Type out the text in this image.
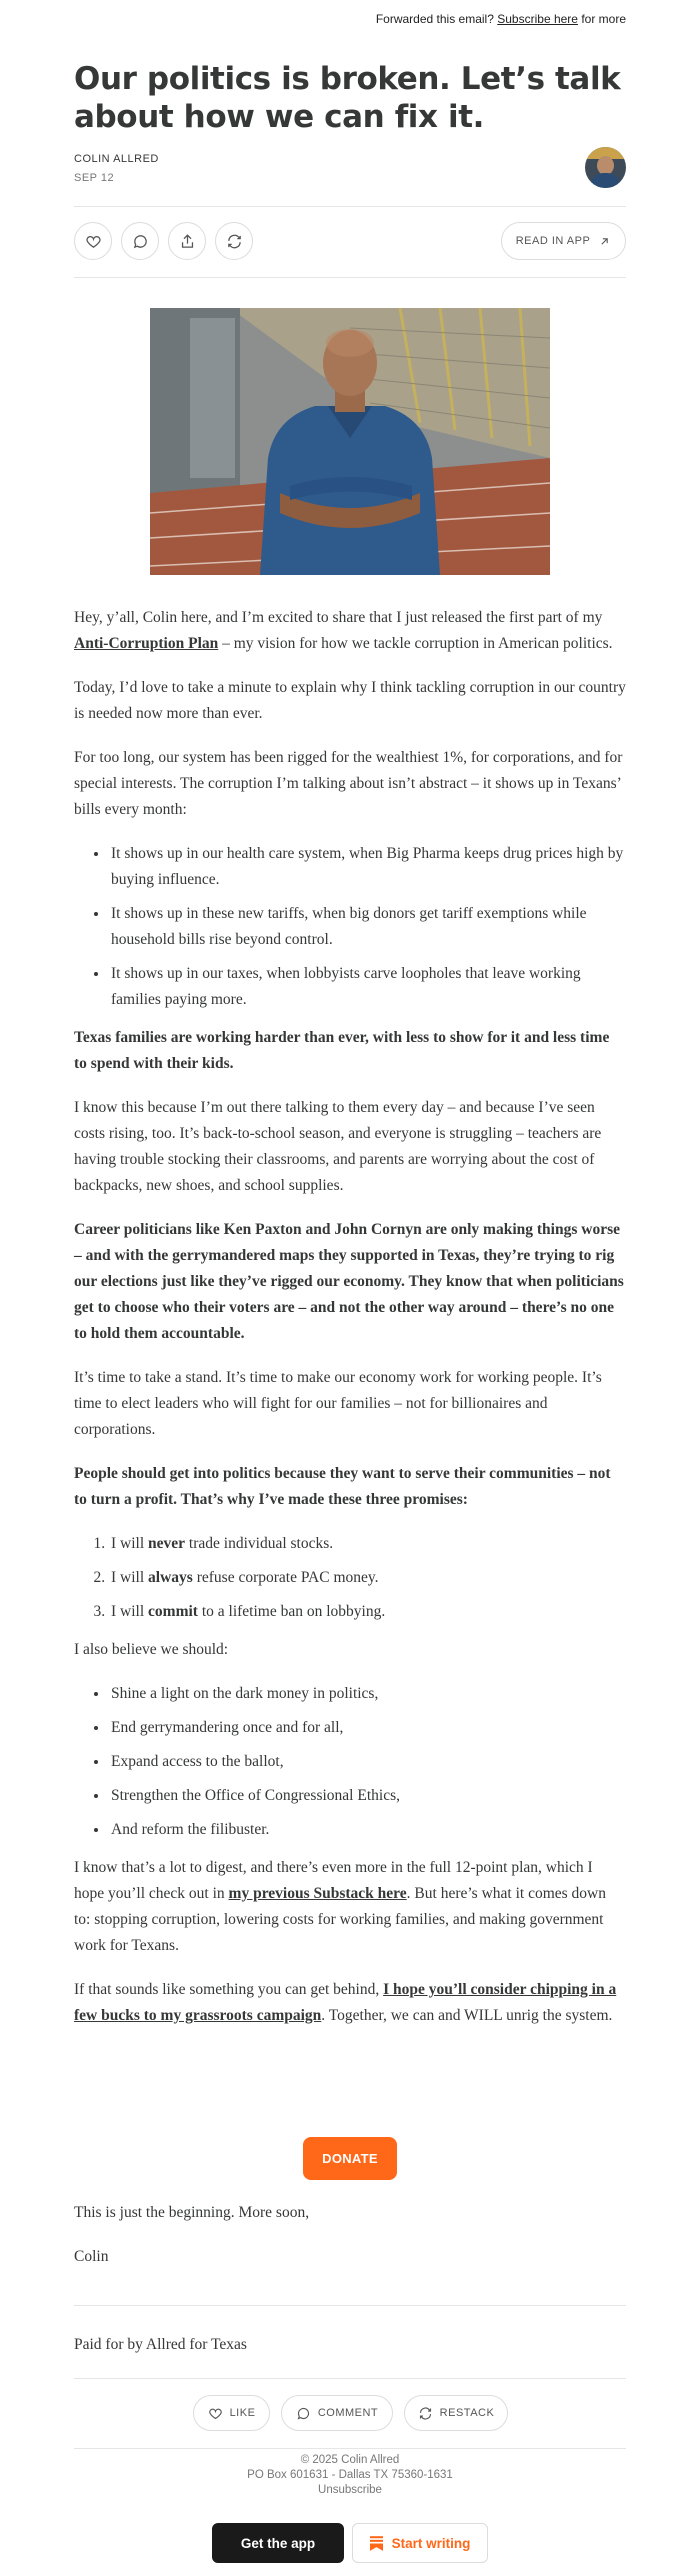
Forwarded this email? Subscribe here for more
Our politics is broken. Let’s talk about how we can fix it.
COLIN ALLRED
SEP 12
READ IN APP

Hey, y’all, Colin here, and I’m excited to share that I just released the first part of my Anti-Corruption Plan – my vision for how we tackle corruption in American politics.

Today, I’d love to take a minute to explain why I think tackling corruption in our country is needed now more than ever.

For too long, our system has been rigged for the wealthiest 1%, for corporations, and for special interests. The corruption I’m talking about isn’t abstract – it shows up in Texans’ bills every month:

• It shows up in our health care system, when Big Pharma keeps drug prices high by buying influence.
• It shows up in these new tariffs, when big donors get tariff exemptions while household bills rise beyond control.
• It shows up in our taxes, when lobbyists carve loopholes that leave working families paying more.

Texas families are working harder than ever, with less to show for it and less time to spend with their kids.

I know this because I’m out there talking to them every day – and because I’ve seen costs rising, too. It’s back-to-school season, and everyone is struggling – teachers are having trouble stocking their classrooms, and parents are worrying about the cost of backpacks, new shoes, and school supplies.

Career politicians like Ken Paxton and John Cornyn are only making things worse – and with the gerrymandered maps they supported in Texas, they’re trying to rig our elections just like they’ve rigged our economy. They know that when politicians get to choose who their voters are – and not the other way around – there’s no one to hold them accountable.

It’s time to take a stand. It’s time to make our economy work for working people. It’s time to elect leaders who will fight for our families – not for billionaires and corporations.

People should get into politics because they want to serve their communities – not to turn a profit. That’s why I’ve made these three promises:

1. I will never trade individual stocks.
2. I will always refuse corporate PAC money.
3. I will commit to a lifetime ban on lobbying.

I also believe we should:

• Shine a light on the dark money in politics,
• End gerrymandering once and for all,
• Expand access to the ballot,
• Strengthen the Office of Congressional Ethics,
• And reform the filibuster.

I know that’s a lot to digest, and there’s even more in the full 12-point plan, which I hope you’ll check out in my previous Substack here. But here’s what it comes down to: stopping corruption, lowering costs for working families, and making government work for Texans.

If that sounds like something you can get behind, I hope you’ll consider chipping in a few bucks to my grassroots campaign. Together, we can and WILL unrig the system.

DONATE

This is just the beginning. More soon,

Colin

Paid for by Allred for Texas
LIKE	COMMENT	RESTACK
© 2025 Colin Allred
PO Box 601631 - Dallas TX 75360-1631
Unsubscribe
Get the app	Start writing
